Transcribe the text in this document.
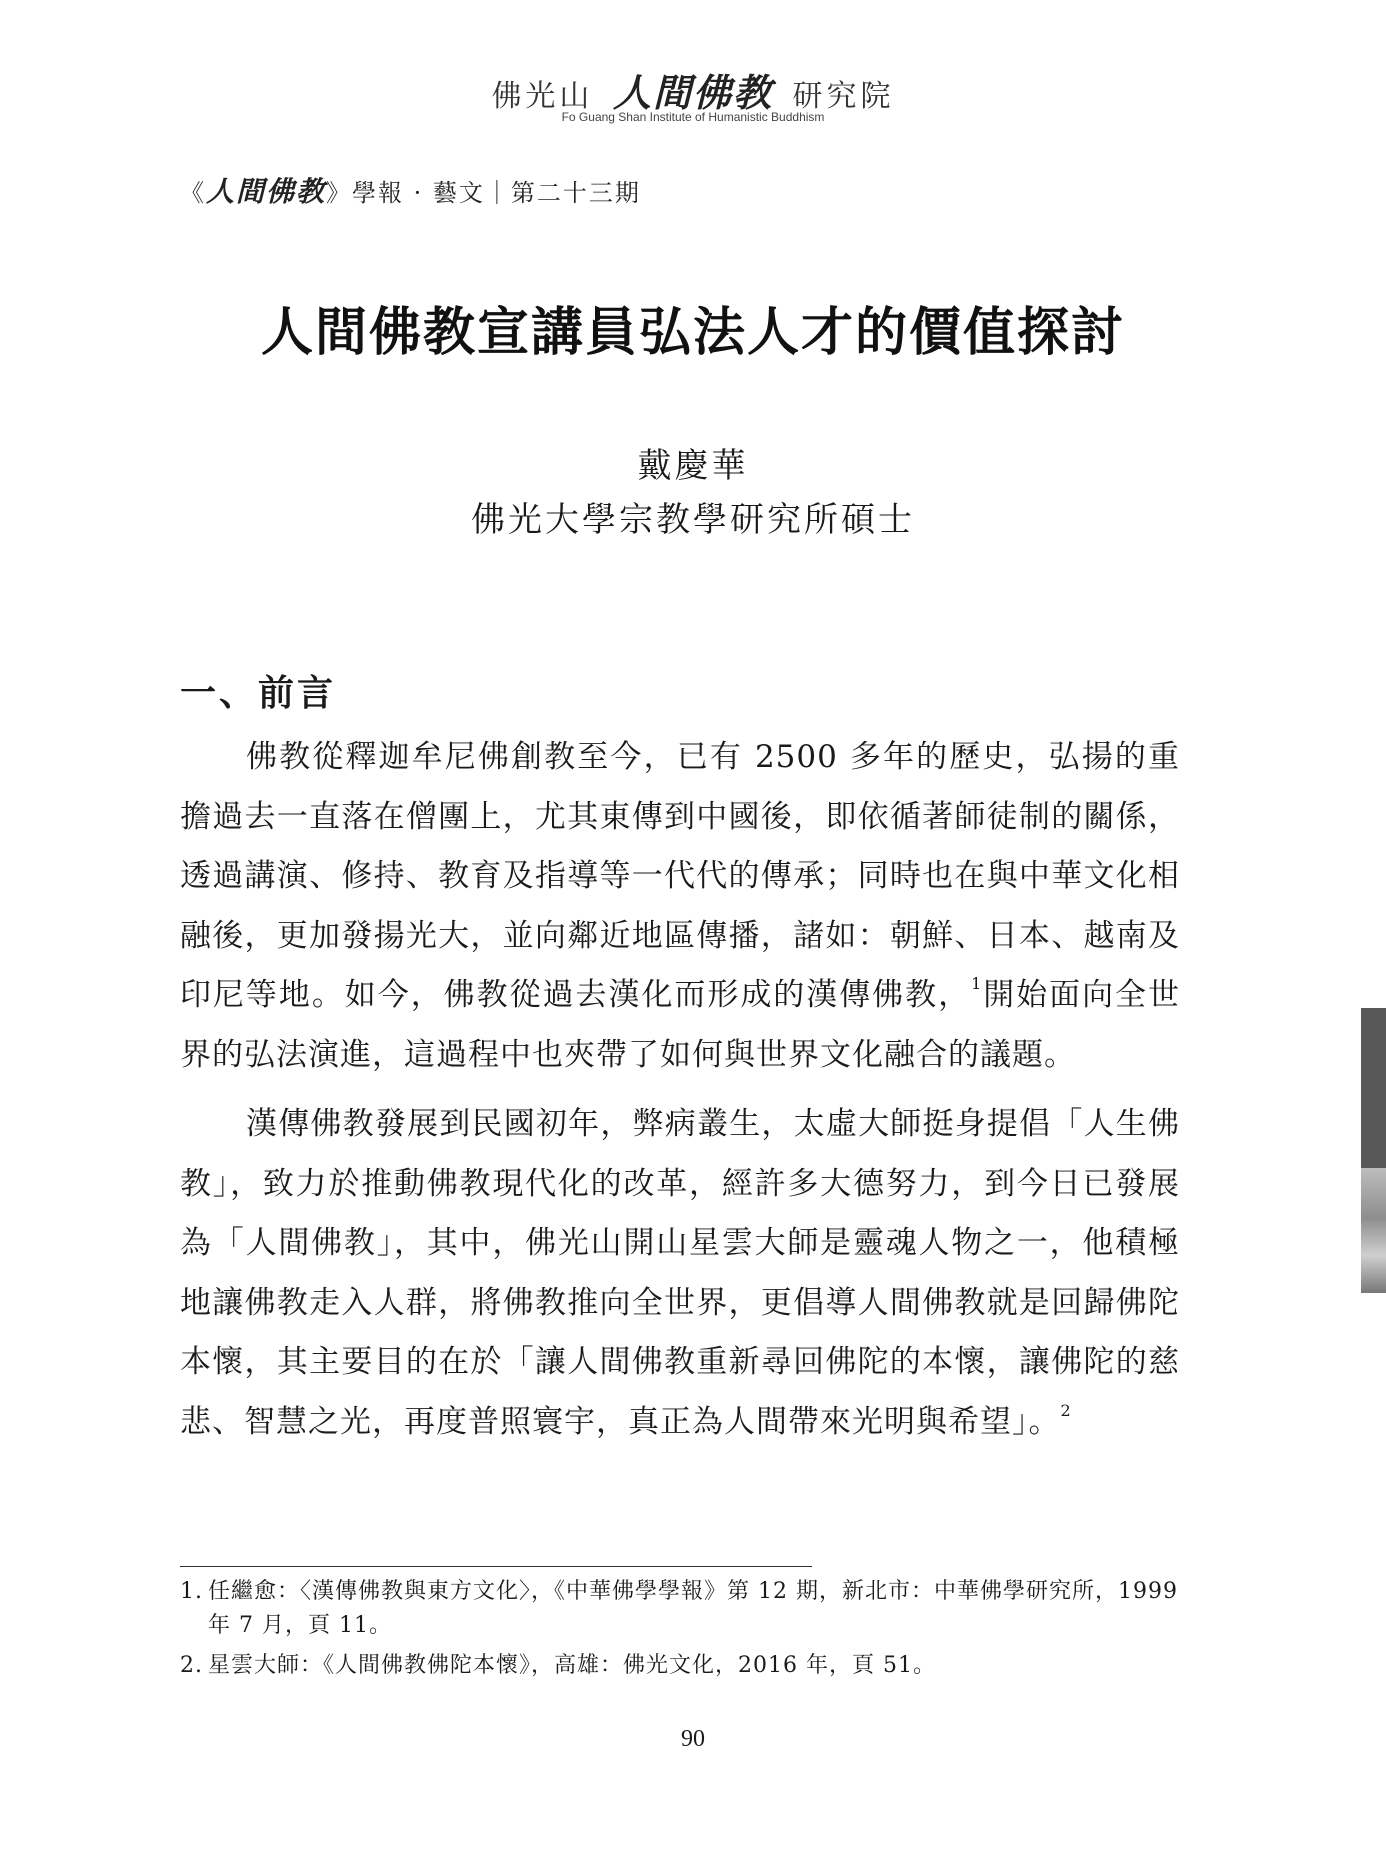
佛光山 人間佛教 研究院
Fo Guang Shan Institute of Humanistic Buddhism
《人間佛教》學報 · 藝文｜第二十三期
人間佛教宣講員弘法人才的價值探討
戴慶華
佛光大學宗教學研究所碩士
一、前言

佛教從釋迦牟尼佛創教至今，已有 2500 多年的歷史，弘揚的重擔過去一直落在僧團上，尤其東傳到中國後，即依循著師徒制的關係，透過講演、修持、教育及指導等一代代的傳承；同時也在與中華文化相融後，更加發揚光大，並向鄰近地區傳播，諸如：朝鮮、日本、越南及印尼等地。如今，佛教從過去漢化而形成的漢傳佛教，$^1$開始面向全世界的弘法演進，這過程中也夾帶了如何與世界文化融合的議題。

漢傳佛教發展到民國初年，弊病叢生，太虛大師挺身提倡「人生佛教」，致力於推動佛教現代化的改革，經許多大德努力，到今日已發展為「人間佛教」，其中，佛光山開山星雲大師是靈魂人物之一，他積極地讓佛教走入人群，將佛教推向全世界，更倡導人間佛教就是回歸佛陀本懷，其主要目的在於「讓人間佛教重新尋回佛陀的本懷，讓佛陀的慈悲、智慧之光，再度普照寰宇，真正為人間帶來光明與希望」。$^2$

1. 任繼愈：〈漢傳佛教與東方文化〉，《中華佛學學報》第 12 期，新北市：中華佛學研究所，1999 年 7 月，頁 11。
2. 星雲大師：《人間佛教佛陀本懷》，高雄：佛光文化，2016 年，頁 51。
90
